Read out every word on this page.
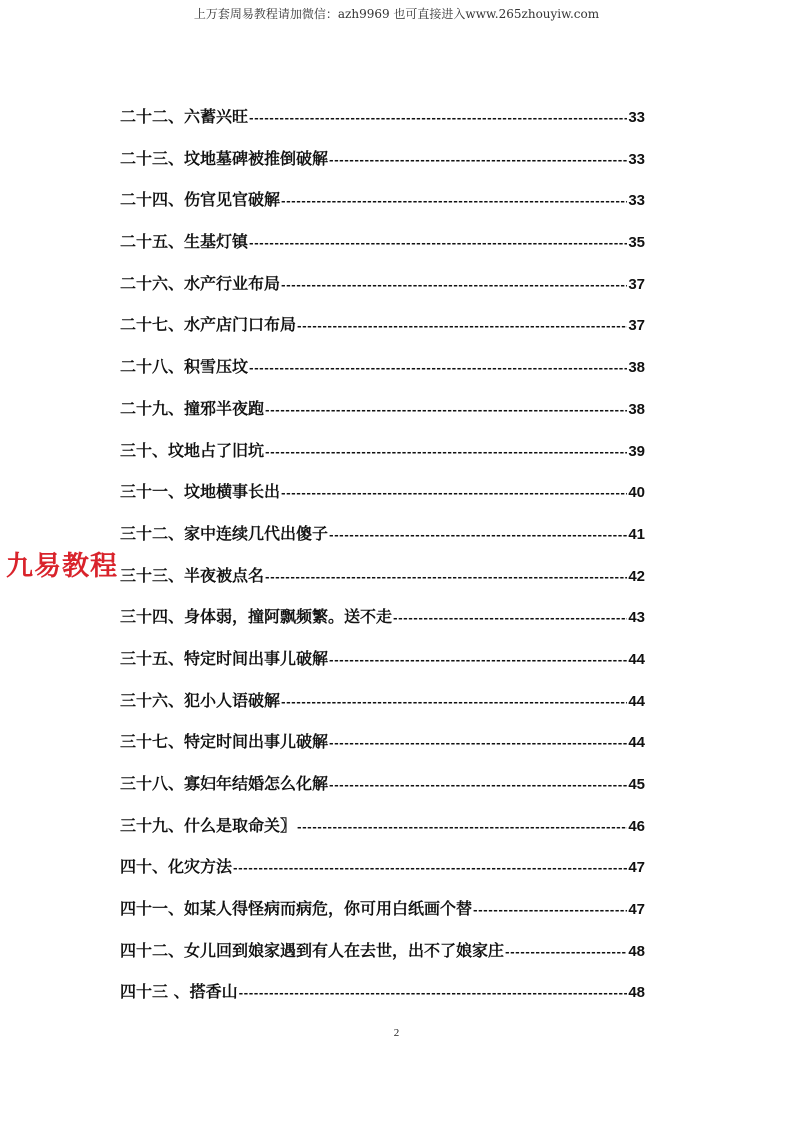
上万套周易教程请加微信：azh9969 也可直接进入www.265zhouyiw.com
二十二、六蓄兴旺 -----	33
二十三、坟地墓碑被推倒破解 -----	33
二十四、伤官见官破解 -----	33
二十五、生基灯镇 -----	35
二十六、水产行业布局 -----	37
二十七、水产店门口布局 -----	37
二十八、积雪压坟 -----	38
二十九、撞邪半夜跑 -----	38
三十、坟地占了旧坑 -----	39
三十一、坟地横事长出 -----	40
三十二、家中连续几代出傻子 -----	41
三十三、半夜被点名 -----	42
三十四、身体弱，撞阿飘频繁。送不走 -----	43
三十五、特定时间出事儿破解 -----	44
三十六、犯小人语破解 -----	44
三十七、特定时间出事儿破解 -----	44
三十八、寡妇年结婚怎么化解 -----	45
三十九、什么是取命关〗 -----	46
四十、化灾方法 -----	47
四十一、如某人得怪病而病危，你可用白纸画个替 -----	47
四十二、女儿回到娘家遇到有人在去世，出不了娘家庄 -----	48
四十三 、搭香山 -----	48
九易教程
2
